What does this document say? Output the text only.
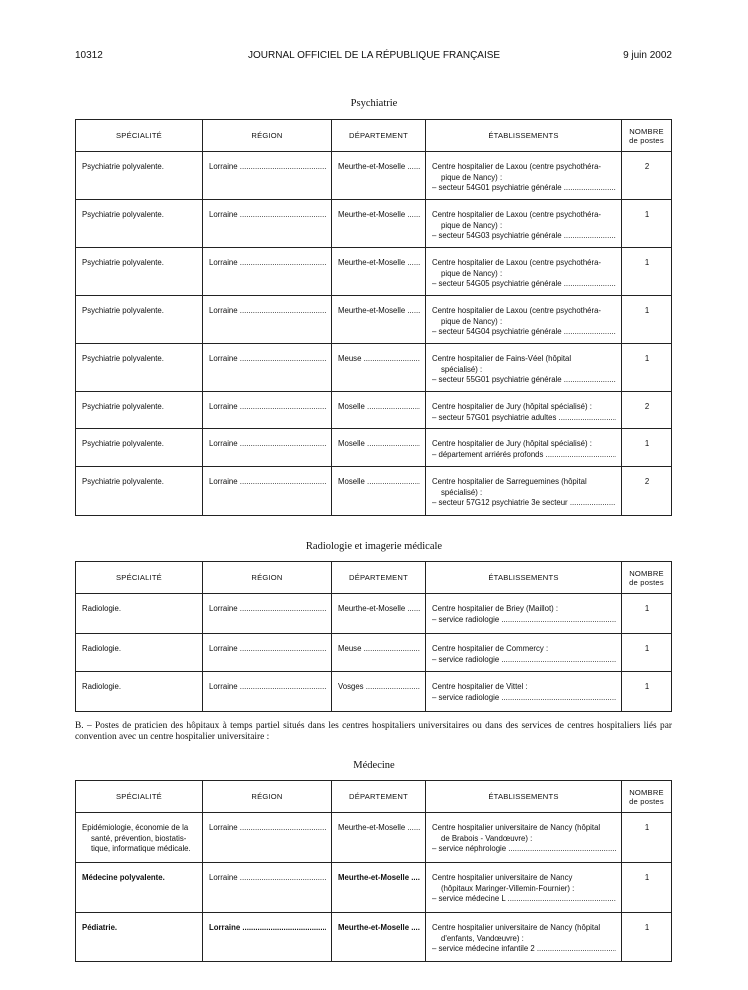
10312	JOURNAL OFFICIEL DE LA RÉPUBLIQUE FRANÇAISE	9 juin 2002
Psychiatrie
SPÉCIALITÉ	RÉGION	DÉPARTEMENT	ÉTABLISSEMENTS	NOMBRE
de postes

Psychiatrie polyvalente.	Lorraine .....	Meurthe-et-Moselle .....	Centre hospitalier de Laxou (centre psychothéra-
pique de Nancy) :
– secteur 54G01 psychiatrie générale .....	2

Psychiatrie polyvalente.	Lorraine .....	Meurthe-et-Moselle .....	Centre hospitalier de Laxou (centre psychothéra-
pique de Nancy) :
– secteur 54G03 psychiatrie générale .....	1

Psychiatrie polyvalente.	Lorraine .....	Meurthe-et-Moselle .....	Centre hospitalier de Laxou (centre psychothéra-
pique de Nancy) :
– secteur 54G05 psychiatrie générale .....	1

Psychiatrie polyvalente.	Lorraine .....	Meurthe-et-Moselle .....	Centre hospitalier de Laxou (centre psychothéra-
pique de Nancy) :
– secteur 54G04 psychiatrie générale .....	1

Psychiatrie polyvalente.	Lorraine .....	Meuse .....	Centre hospitalier de Fains-Véel (hôpital
spécialisé) :
– secteur 55G01 psychiatrie générale .....	1

Psychiatrie polyvalente.	Lorraine .....	Moselle .....	Centre hospitalier de Jury (hôpital spécialisé) :
– secteur 57G01 psychiatrie adultes .....	2

Psychiatrie polyvalente.	Lorraine .....	Moselle .....	Centre hospitalier de Jury (hôpital spécialisé) :
– département arriérés profonds .....	1

Psychiatrie polyvalente.	Lorraine .....	Moselle .....	Centre hospitalier de Sarreguemines (hôpital
spécialisé) :
– secteur 57G12 psychiatrie 3e secteur .....	2
Radiologie et imagerie médicale
SPÉCIALITÉ	RÉGION	DÉPARTEMENT	ÉTABLISSEMENTS	NOMBRE
de postes

Radiologie.	Lorraine .....	Meurthe-et-Moselle .....	Centre hospitalier de Briey (Maillot) :
– service radiologie .....	1

Radiologie.	Lorraine .....	Meuse .....	Centre hospitalier de Commercy :
– service radiologie .....	1

Radiologie.	Lorraine .....	Vosges .....	Centre hospitalier de Vittel :
– service radiologie .....	1
B. – Postes de praticien des hôpitaux à temps partiel situés dans les centres hospitaliers universitaires ou dans des services de centres hospitaliers liés par convention avec un centre hospitalier universitaire :
Médecine
SPÉCIALITÉ	RÉGION	DÉPARTEMENT	ÉTABLISSEMENTS	NOMBRE
de postes

Epidémiologie, économie de la
santé, prévention, biostatis-
tique, informatique médicale.	Lorraine .....	Meurthe-et-Moselle .....	Centre hospitalier universitaire de Nancy (hôpital
de Brabois - Vandœuvre) :
– service néphrologie .....	1

Médecine polyvalente.	Lorraine .....	Meurthe-et-Moselle .....	Centre hospitalier universitaire de Nancy
(hôpitaux Maringer-Villemin-Fournier) :
– service médecine L .....	1

Pédiatrie.	Lorraine .....	Meurthe-et-Moselle .....	Centre hospitalier universitaire de Nancy (hôpital
d'enfants, Vandœuvre) :
– service médecine infantile 2 .....	1
